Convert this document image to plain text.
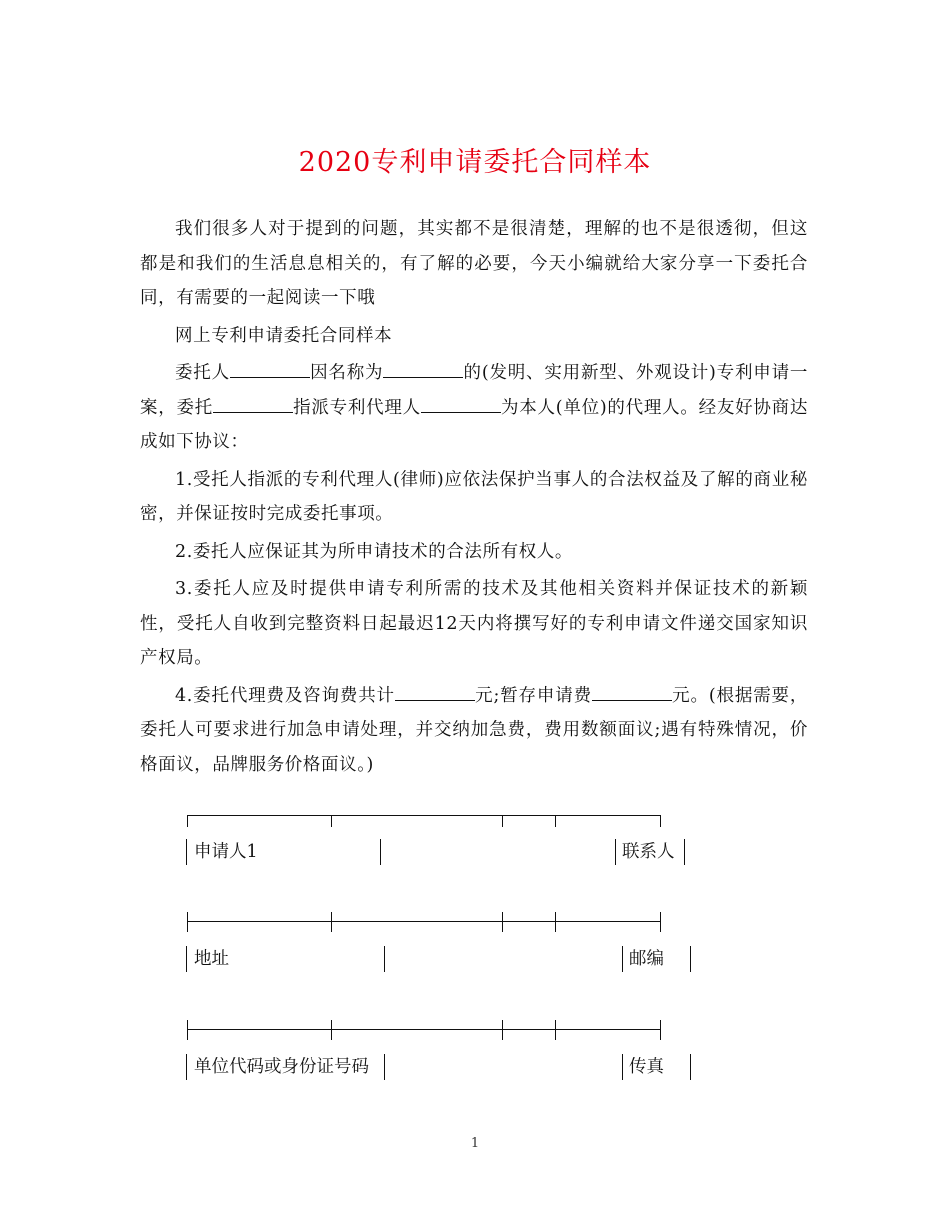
2020专利申请委托合同样本

我们很多人对于提到的问题，其实都不是很清楚，理解的也不是很透彻，但这都是和我们的生活息息相关的，有了解的必要，今天小编就给大家分享一下委托合同，有需要的一起阅读一下哦

网上专利申请委托合同样本

委托人	因名称为	的(发明、实用新型、外观设计)专利申请一案，委托	指派专利代理人	为本人(单位)的代理人。经友好协商达成如下协议：

1.受托人指派的专利代理人(律师)应依法保护当事人的合法权益及了解的商业秘密，并保证按时完成委托事项。

2.委托人应保证其为所申请技术的合法所有权人。

3.委托人应及时提供申请专利所需的技术及其他相关资料并保证技术的新颖性，受托人自收到完整资料日起最迟12天内将撰写好的专利申请文件递交国家知识产权局。

4.委托代理费及咨询费共计	元;暂存申请费	元。(根据需要，委托人可要求进行加急申请处理，并交纳加急费，费用数额面议;遇有特殊情况，价格面议，品牌服务价格面议。)

申请人1	联系人
地址	邮编
单位代码或身份证号码	传真
1
